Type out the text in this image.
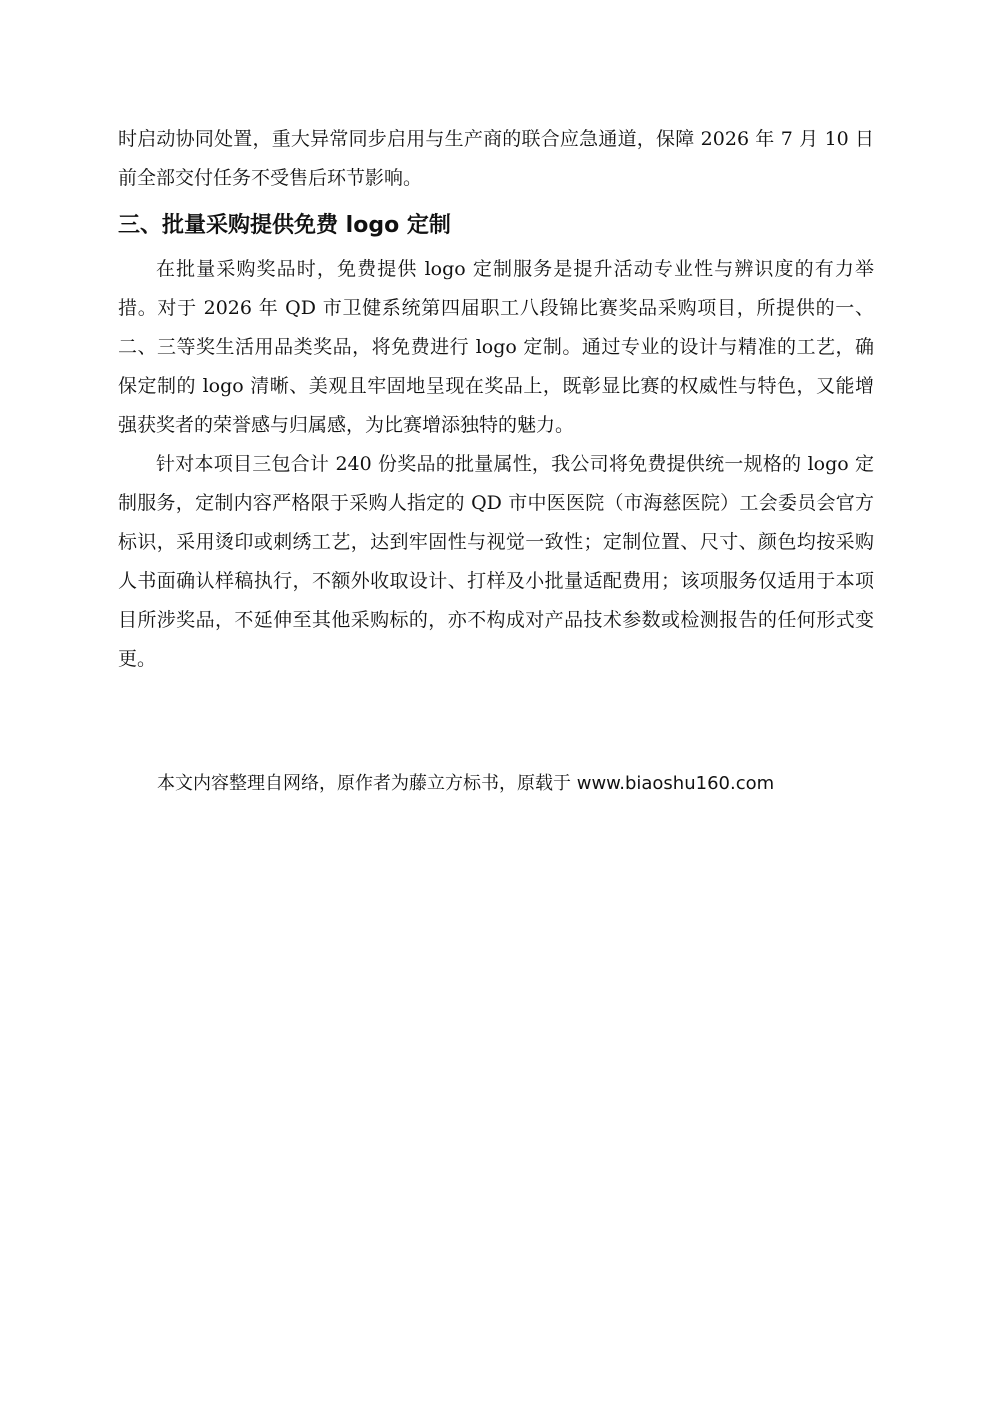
时启动协同处置，重大异常同步启用与生产商的联合应急通道，保障 2026 年 7 月 10 日前全部交付任务不受售后环节影响。

三、批量采购提供免费 logo 定制

在批量采购奖品时，免费提供 logo 定制服务是提升活动专业性与辨识度的有力举措。对于 2026 年 QD 市卫健系统第四届职工八段锦比赛奖品采购项目，所提供的一、二、三等奖生活用品类奖品，将免费进行 logo 定制。通过专业的设计与精准的工艺，确保定制的 logo 清晰、美观且牢固地呈现在奖品上，既彰显比赛的权威性与特色，又能增强获奖者的荣誉感与归属感，为比赛增添独特的魅力。

针对本项目三包合计 240 份奖品的批量属性，我公司将免费提供统一规格的 logo 定制服务，定制内容严格限于采购人指定的 QD 市中医医院（市海慈医院）工会委员会官方标识，采用烫印或刺绣工艺，达到牢固性与视觉一致性；定制位置、尺寸、颜色均按采购人书面确认样稿执行，不额外收取设计、打样及小批量适配费用；该项服务仅适用于本项目所涉奖品，不延伸至其他采购标的，亦不构成对产品技术参数或检测报告的任何形式变更。

本文内容整理自网络，原作者为藤立方标书，原载于 www.biaoshu160.com
